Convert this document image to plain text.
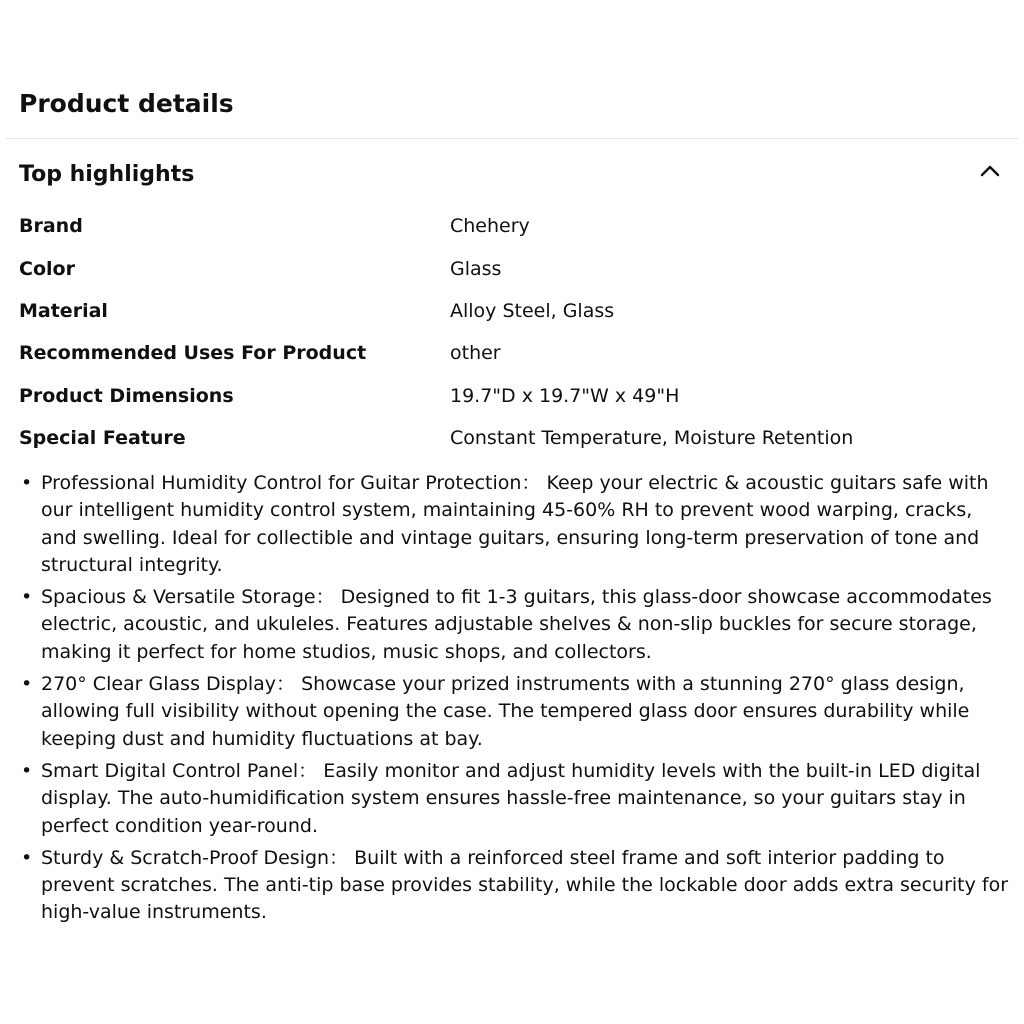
Product details
Top highlights
Brand	Chehery
Color	Glass
Material	Alloy Steel, Glass
Recommended Uses For Product	other
Product Dimensions	19.7"D x 19.7"W x 49"H
Special Feature	Constant Temperature, Moisture Retention
• Professional Humidity Control for Guitar Protection： Keep your electric & acoustic guitars safe with our intelligent humidity control system, maintaining 45-60% RH to prevent wood warping, cracks, and swelling. Ideal for collectible and vintage guitars, ensuring long-term preservation of tone and structural integrity.
• Spacious & Versatile Storage： Designed to fit 1-3 guitars, this glass-door showcase accommodates electric, acoustic, and ukuleles. Features adjustable shelves & non-slip buckles for secure storage, making it perfect for home studios, music shops, and collectors.
• 270° Clear Glass Display： Showcase your prized instruments with a stunning 270° glass design, allowing full visibility without opening the case. The tempered glass door ensures durability while keeping dust and humidity fluctuations at bay.
• Smart Digital Control Panel： Easily monitor and adjust humidity levels with the built-in LED digital display. The auto-humidification system ensures hassle-free maintenance, so your guitars stay in perfect condition year-round.
• Sturdy & Scratch-Proof Design： Built with a reinforced steel frame and soft interior padding to prevent scratches. The anti-tip base provides stability, while the lockable door adds extra security for high-value instruments.
